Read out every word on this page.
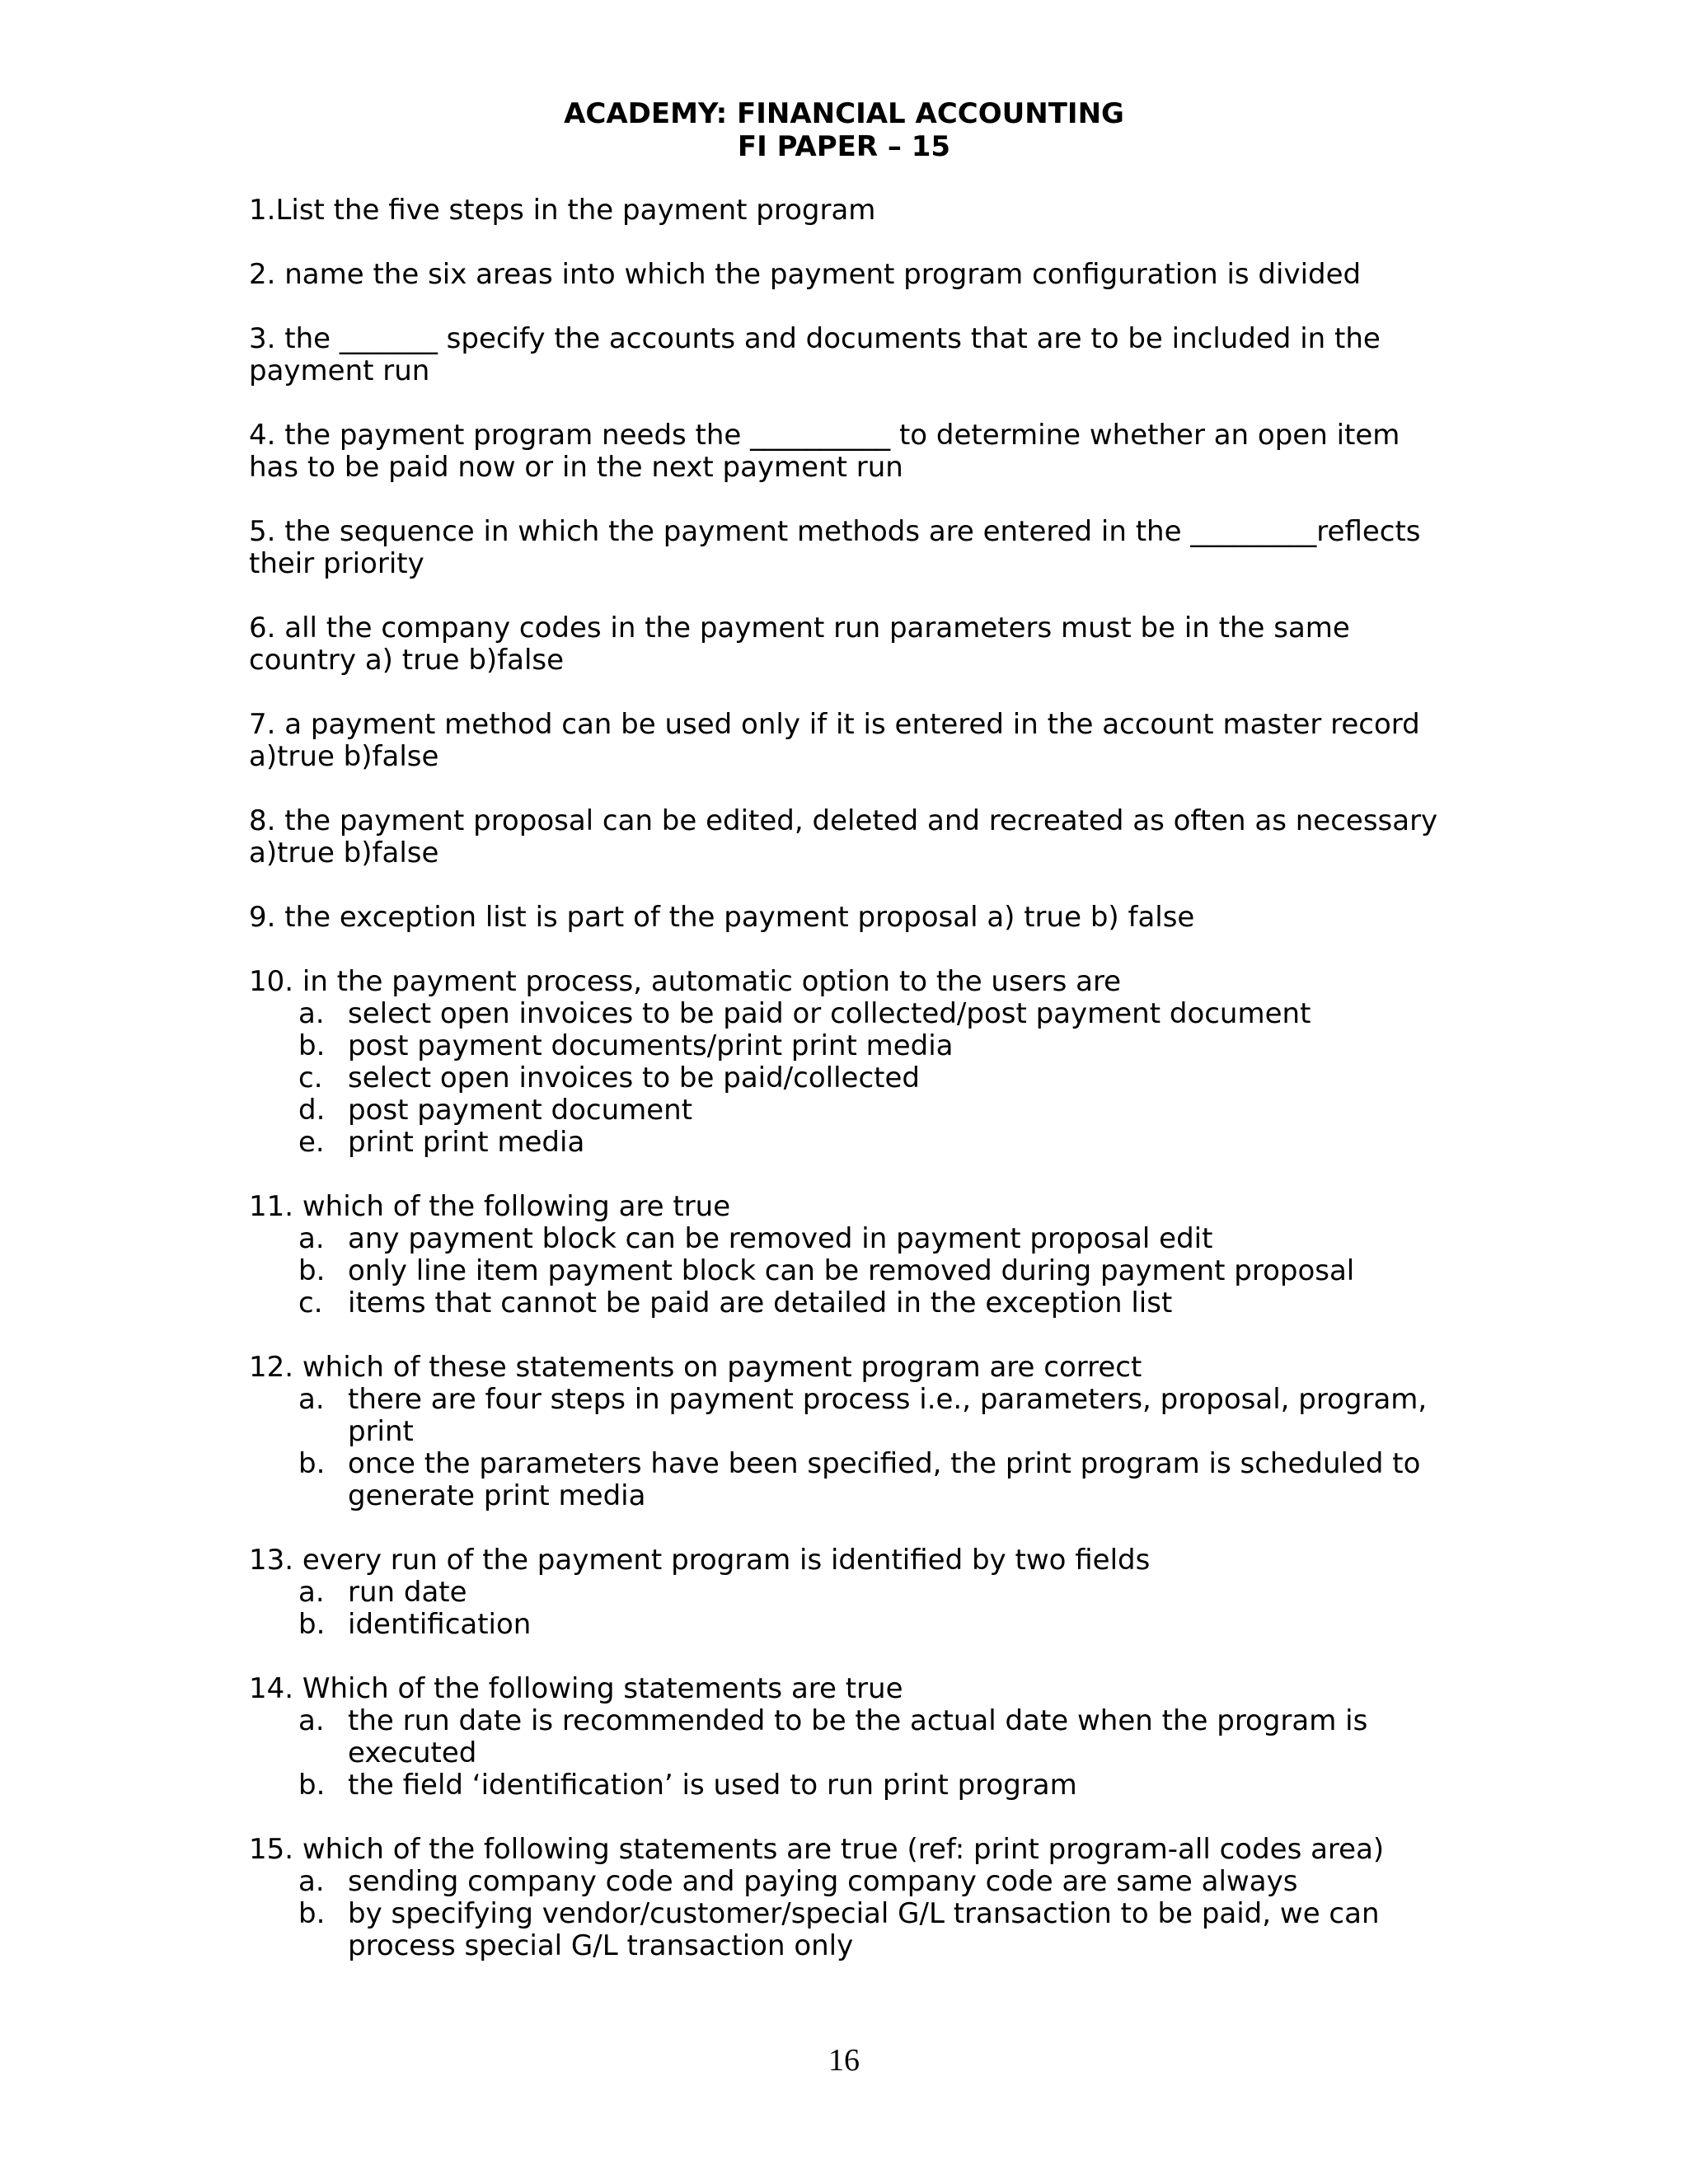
ACADEMY: FINANCIAL ACCOUNTING
FI PAPER – 15
1.List the five steps in the payment program
2. name the six areas into which the payment program configuration is divided
3. the _______ specify the accounts and documents that are to be included in the payment run
4. the payment program needs the __________ to determine whether an open item has to be paid now or in the next payment run
5. the sequence in which the payment methods are entered in the _________reflects their priority
6. all the company codes in the payment run parameters must be in the same country a) true b)false
7. a payment method can be used only if it is entered in the account master record a)true b)false
8. the payment proposal can be edited, deleted and recreated as often as necessary a)true b)false
9. the exception list is part of the payment proposal a) true b) false
10. in the payment process, automatic option to the users are
a. select open invoices to be paid or collected/post payment document
b. post payment documents/print print media
c. select open invoices to be paid/collected
d. post payment document
e. print print media
11. which of the following are true
a. any payment block can be removed in payment proposal edit
b. only line item payment block can be removed during payment proposal
c. items that cannot be paid are detailed in the exception list
12. which of these statements on payment program are correct
a. there are four steps in payment process i.e., parameters, proposal, program, print
b. once the parameters have been specified, the print program is scheduled to generate print media
13. every run of the payment program is identified by two fields
a. run date
b. identification
14. Which of the following statements are true
a. the run date is recommended to be the actual date when the program is executed
b. the field ‘identification’ is used to run print program
15. which of the following statements are true (ref: print program-all codes area)
a. sending company code and paying company code are same always
b. by specifying vendor/customer/special G/L transaction to be paid, we can process special G/L transaction only
16
